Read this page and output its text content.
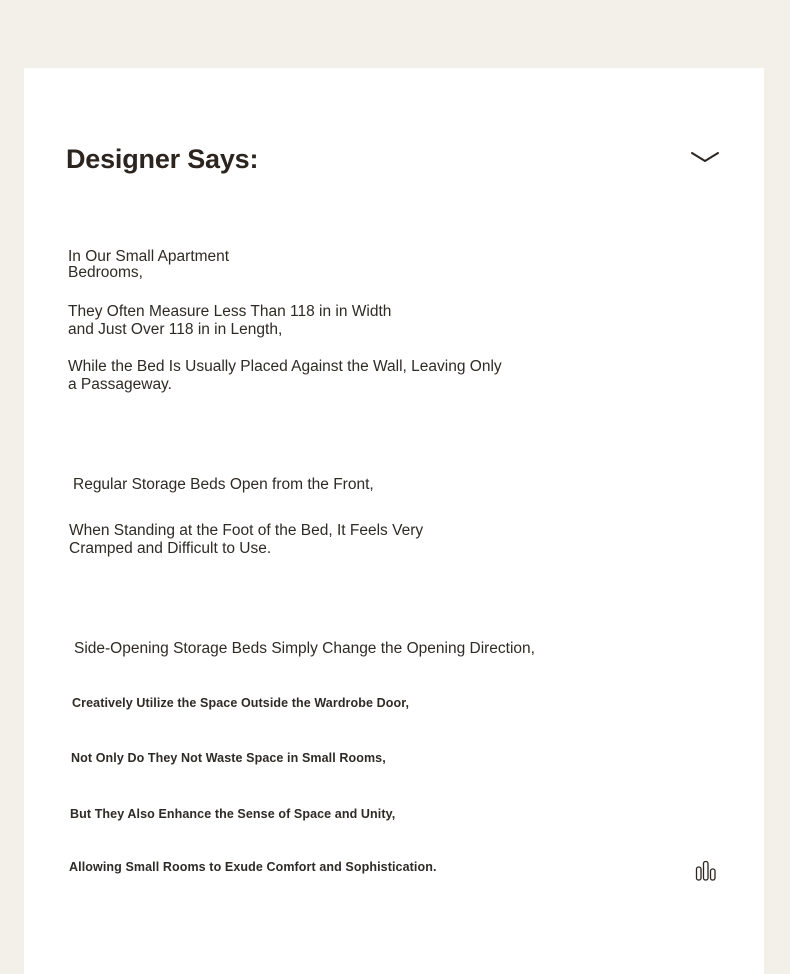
Designer Says:
In Our Small Apartment
Bedrooms,
They Often Measure Less Than 118 in in Width
and Just Over 118 in in Length,
While the Bed Is Usually Placed Against the Wall, Leaving Only
a Passageway.
Regular Storage Beds Open from the Front,
When Standing at the Foot of the Bed, It Feels Very
Cramped and Difficult to Use.
Side-Opening Storage Beds Simply Change the Opening Direction,
Creatively Utilize the Space Outside the Wardrobe Door,
Not Only Do They Not Waste Space in Small Rooms,
But They Also Enhance the Sense of Space and Unity,
Allowing Small Rooms to Exude Comfort and Sophistication.
